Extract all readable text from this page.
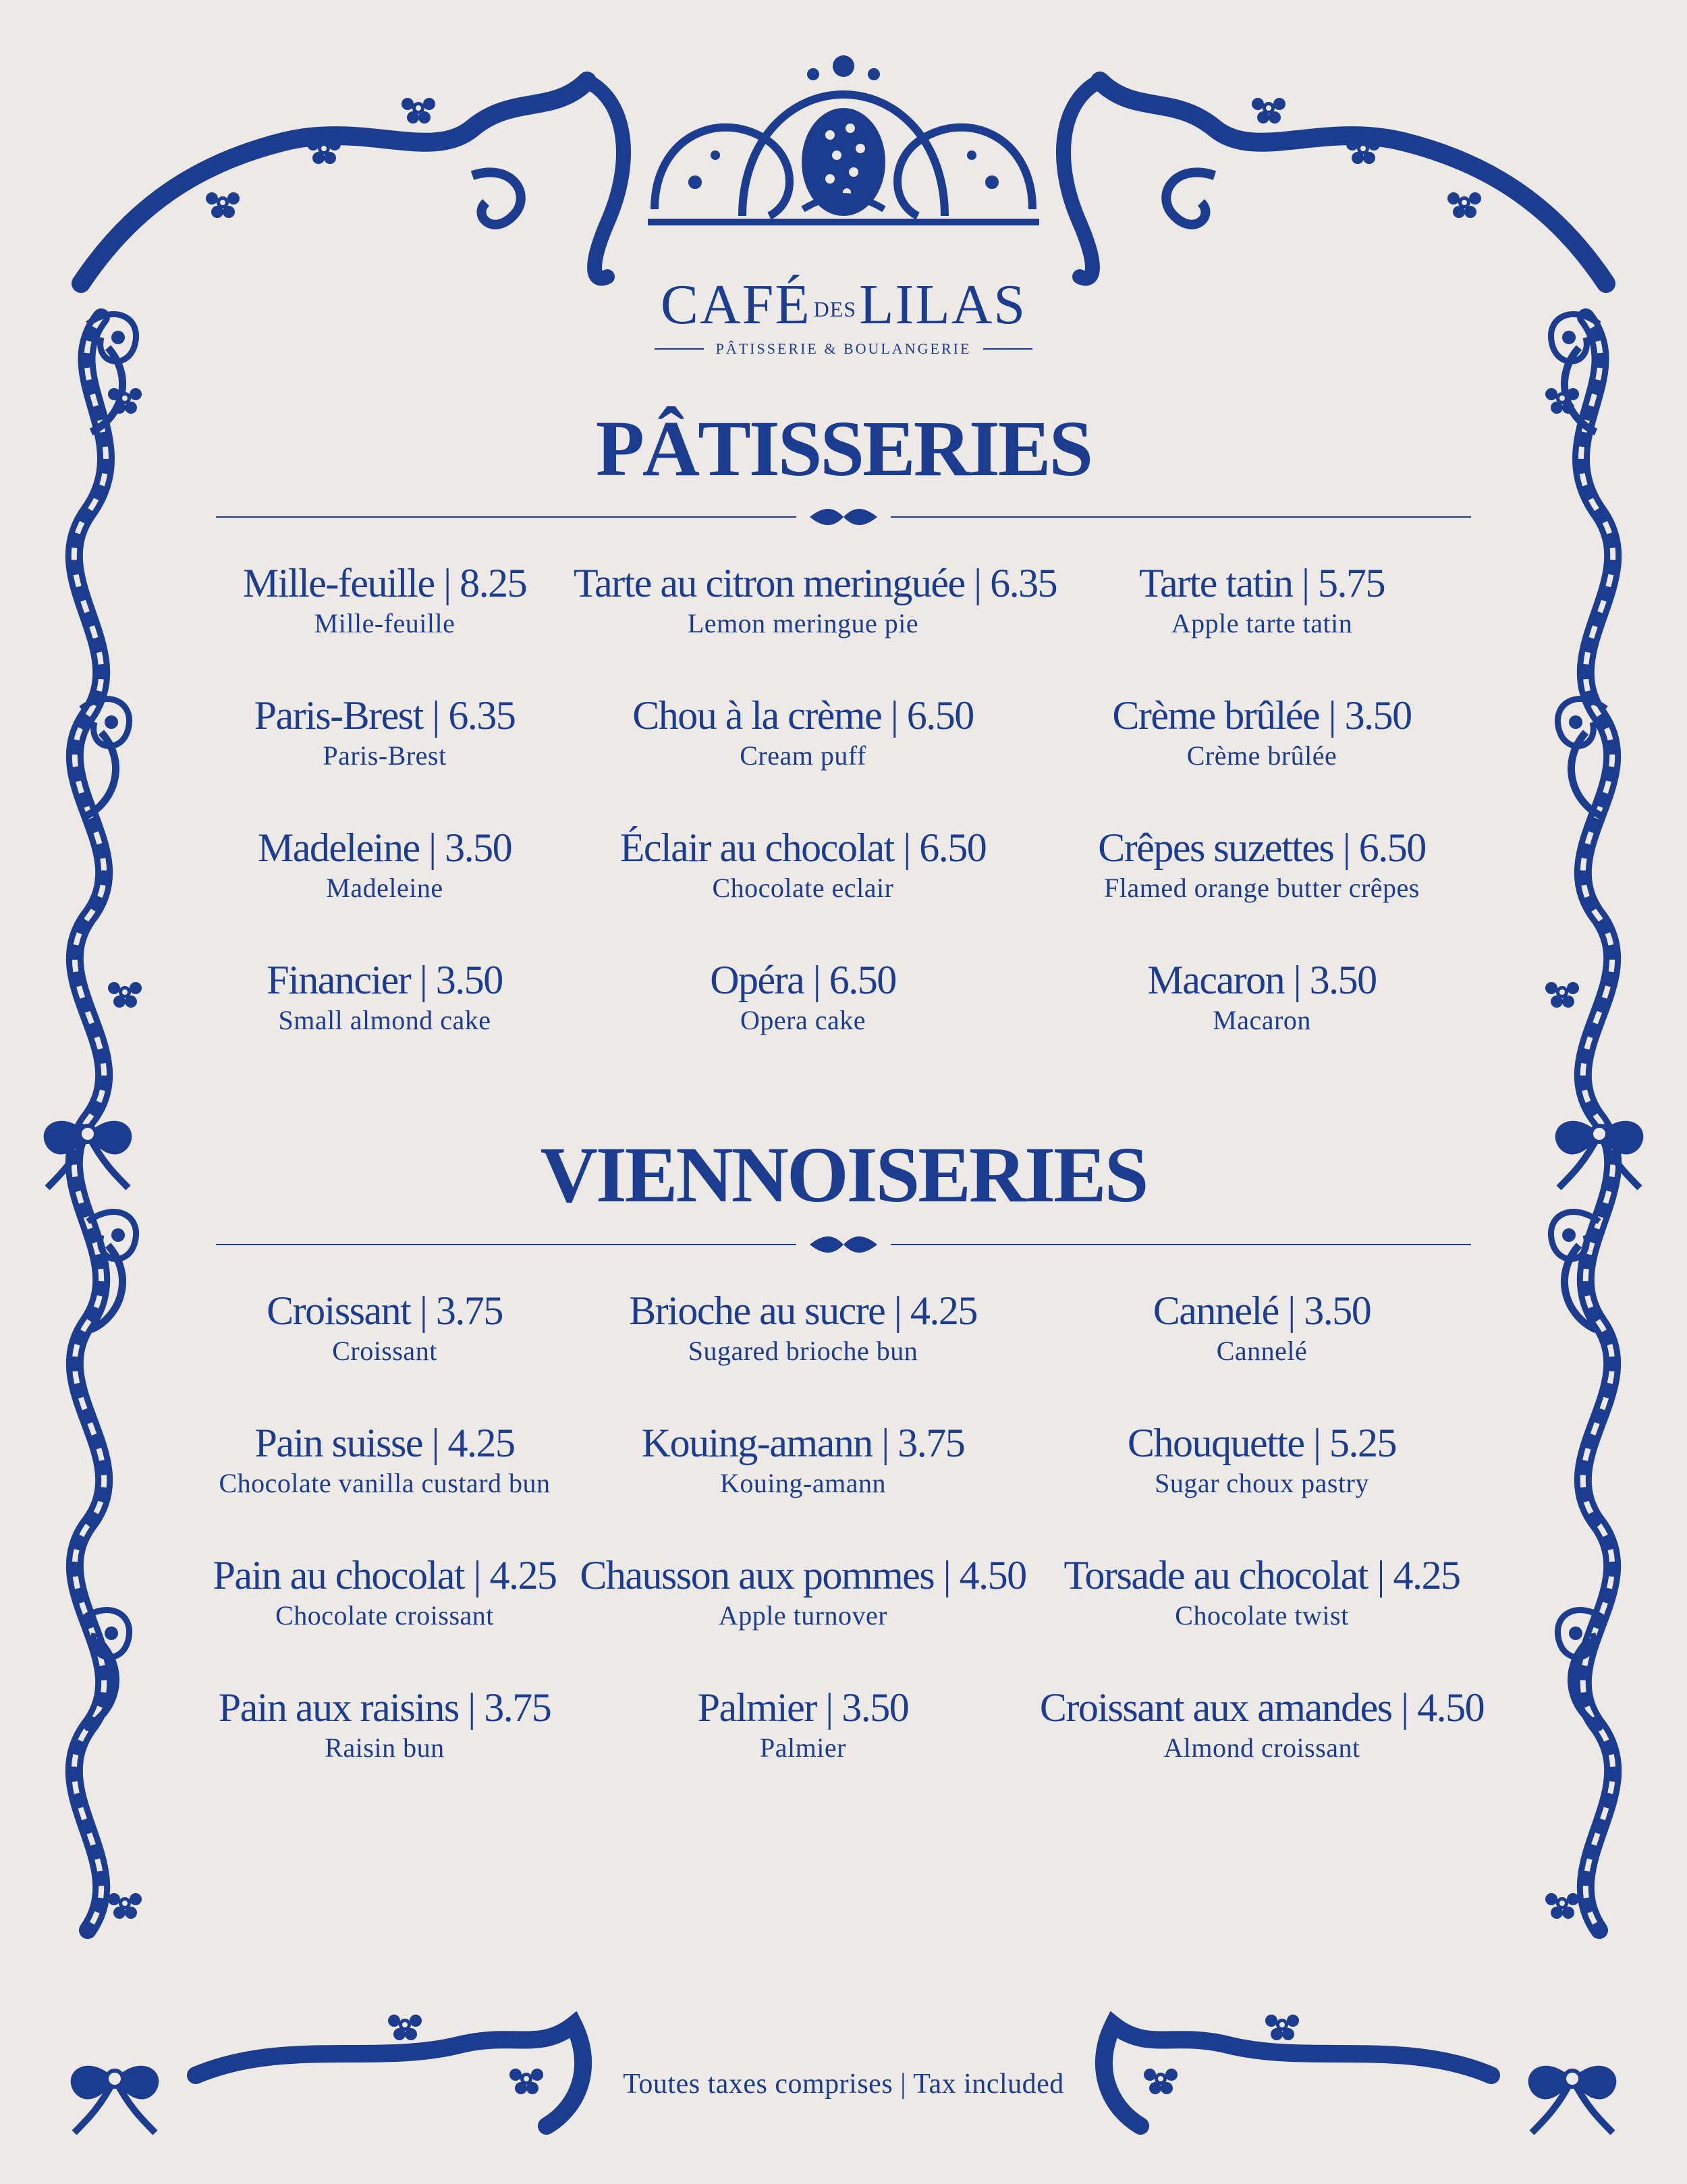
CAFÉ DESLILAS
PÂTISSERIE & BOULANGERIE
PÂTISSERIES
Mille-feuille | 8.25
Mille-feuille
Tarte au citron meringuée | 6.35
Lemon meringue pie
Tarte tatin | 5.75
Apple tarte tatin
Paris-Brest | 6.35
Paris-Brest
Chou à la crème | 6.50
Cream puff
Crème brûlée | 3.50
Crème brûlée
Madeleine | 3.50
Madeleine
Éclair au chocolat | 6.50
Chocolate eclair
Crêpes suzettes | 6.50
Flamed orange butter crêpes
Financier | 3.50
Small almond cake
Opéra | 6.50
Opera cake
Macaron | 3.50
Macaron
VIENNOISERIES
Croissant | 3.75
Croissant
Brioche au sucre | 4.25
Sugared brioche bun
Cannelé | 3.50
Cannelé
Pain suisse | 4.25
Chocolate vanilla custard bun
Kouing-amann | 3.75
Kouing-amann
Chouquette | 5.25
Sugar choux pastry
Pain au chocolat | 4.25
Chocolate croissant
Chausson aux pommes | 4.50
Apple turnover
Torsade au chocolat | 4.25
Chocolate twist
Pain aux raisins | 3.75
Raisin bun
Palmier | 3.50
Palmier
Croissant aux amandes | 4.50
Almond croissant
Toutes taxes comprises | Tax included
